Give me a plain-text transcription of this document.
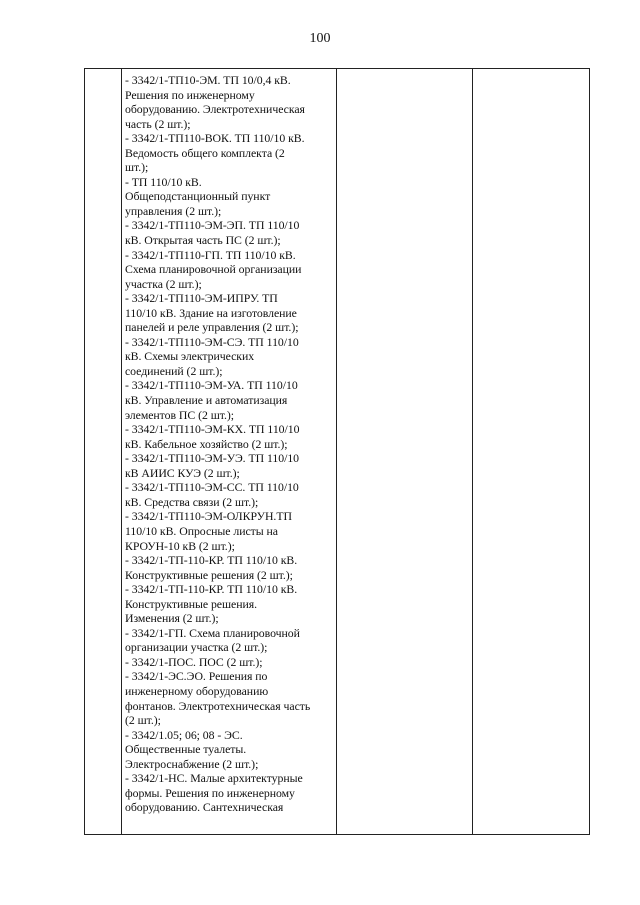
100

- 3342/1-ТП10-ЭМ. ТП 10/0,4 кВ.
Решения по инженерному
оборудованию. Электротехническая
часть (2 шт.);
- 3342/1-ТП110-ВОК. ТП 110/10 кВ.
Ведомость общего комплекта (2
шт.);
- ТП 110/10 кВ.
Общеподстанционный пункт
управления (2 шт.);
- 3342/1-ТП110-ЭМ-ЭП. ТП 110/10
кВ. Открытая часть ПС (2 шт.);
- 3342/1-ТП110-ГП. ТП 110/10 кВ.
Схема планировочной организации
участка (2 шт.);
- 3342/1-ТП110-ЭМ-ИПРУ. ТП
110/10 кВ. Здание на изготовление
панелей и реле управления (2 шт.);
- 3342/1-ТП110-ЭМ-СЭ. ТП 110/10
кВ. Схемы электрических
соединений (2 шт.);
- 3342/1-ТП110-ЭМ-УА. ТП 110/10
кВ. Управление и автоматизация
элементов ПС (2 шт.);
- 3342/1-ТП110-ЭМ-КХ. ТП 110/10
кВ. Кабельное хозяйство (2 шт.);
- 3342/1-ТП110-ЭМ-УЭ. ТП 110/10
кВ АИИС КУЭ (2 шт.);
- 3342/1-ТП110-ЭМ-СС. ТП 110/10
кВ. Средства связи (2 шт.);
- 3342/1-ТП110-ЭМ-ОЛКРУН.ТП
110/10 кВ. Опросные листы на
КРОУН-10 кВ (2 шт.);
- 3342/1-ТП-110-КР. ТП 110/10 кВ.
Конструктивные решения (2 шт.);
- 3342/1-ТП-110-КР. ТП 110/10 кВ.
Конструктивные решения.
Изменения (2 шт.);
- 3342/1-ГП. Схема планировочной
организации участка (2 шт.);
- 3342/1-ПОС. ПОС (2 шт.);
- 3342/1-ЭС.ЭО. Решения по
инженерному оборудованию
фонтанов. Электротехническая часть
(2 шт.);
- 3342/1.05; 06; 08 - ЭС.
Общественные туалеты.
Электроснабжение (2 шт.);
- 3342/1-НС. Малые архитектурные
формы. Решения по инженерному
оборудованию. Сантехническая
